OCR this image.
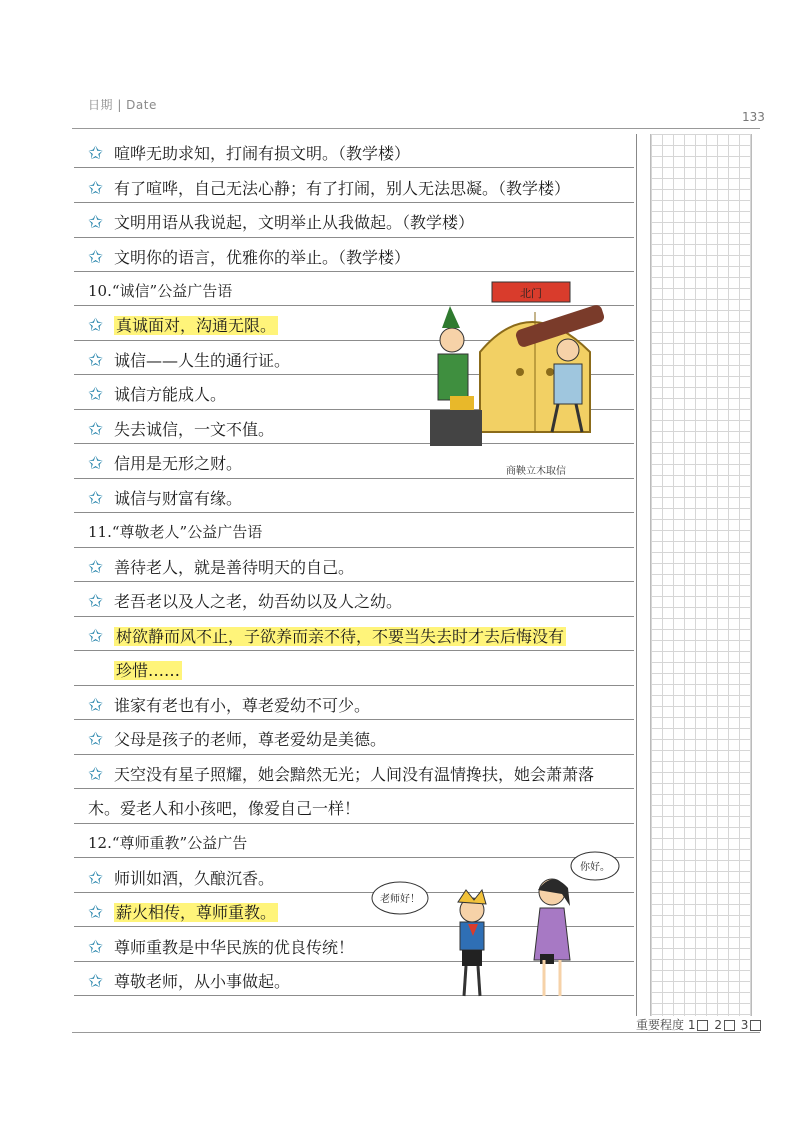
日期 | Date
133
✩ 喧哗无助求知，打闹有损文明。（教学楼）
✩ 有了喧哗，自己无法心静；有了打闹，别人无法思凝。（教学楼）
✩ 文明用语从我说起，文明举止从我做起。（教学楼）
✩ 文明你的语言，优雅你的举止。（教学楼）
10.“诚信”公益广告语
✩ 真诚面对，沟通无限。
✩ 诚信——人生的通行证。
✩ 诚信方能成人。
✩ 失去诚信，一文不值。
✩ 信用是无形之财。
✩ 诚信与财富有缘。
北门
商鞅立木取信
11.“尊敬老人”公益广告语
✩ 善待老人，就是善待明天的自己。
✩ 老吾老以及人之老，幼吾幼以及人之幼。
✩ 树欲静而风不止，子欲养而亲不待，不要当失去时才去后悔没有
珍惜……
✩ 谁家有老也有小，尊老爱幼不可少。
✩ 父母是孩子的老师，尊老爱幼是美德。
✩ 天空没有星子照耀，她会黯然无光；人间没有温情搀扶，她会萧萧落
木。爱老人和小孩吧，像爱自己一样！
12.“尊师重教”公益广告
✩ 师训如酒，久酿沉香。
✩ 薪火相传，尊师重教。
✩ 尊师重教是中华民族的优良传统！
✩ 尊敬老师，从小事做起。
老师好！
你好。
重要程度 1 2 3
